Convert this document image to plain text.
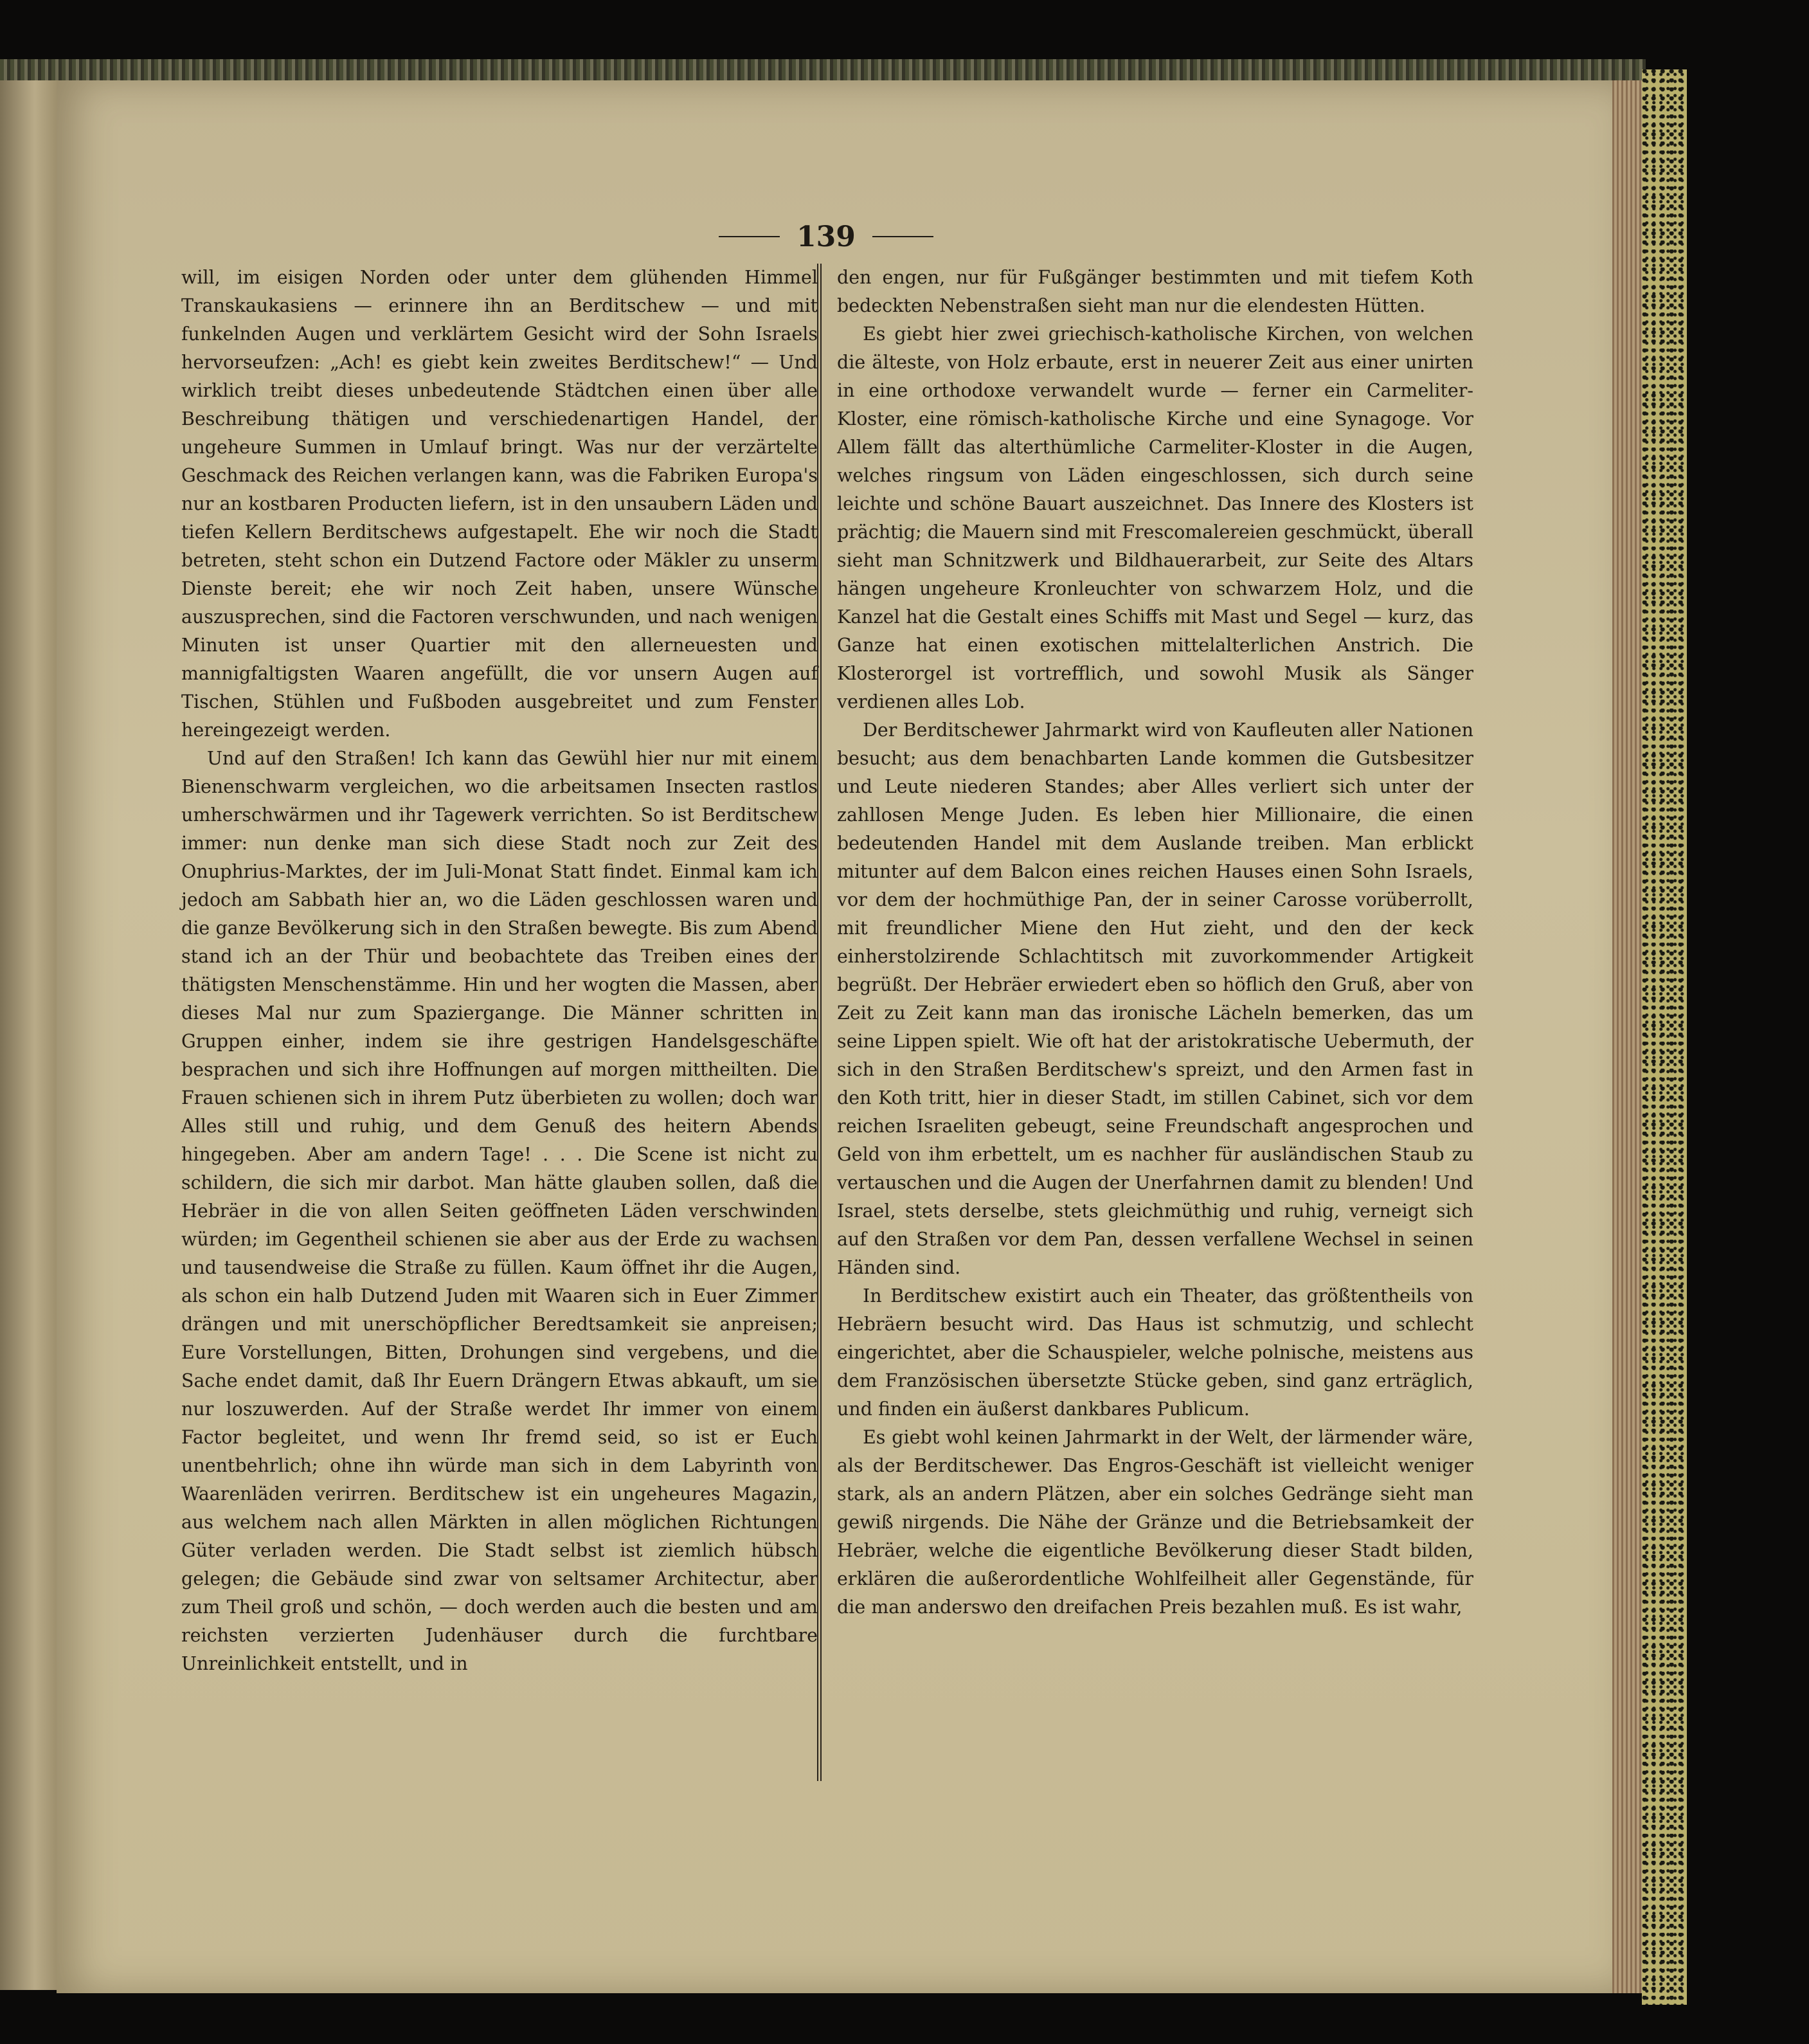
139

will, im eisigen Norden oder unter dem glühenden Himmel Transkaukasiens — erinnere ihn an Berditschew — und mit funkelnden Augen und verklärtem Gesicht wird der Sohn Israels hervorseufzen: „Ach! es giebt kein zweites Berditschew!“ — Und wirklich treibt dieses unbedeutende Städtchen einen über alle Beschreibung thätigen und verschiedenartigen Handel, der ungeheure Summen in Umlauf bringt. Was nur der verzärtelte Geschmack des Reichen verlangen kann, was die Fabriken Europa's nur an kostbaren Producten liefern, ist in den unsaubern Läden und tiefen Kellern Berditschews aufgestapelt. Ehe wir noch die Stadt betreten, steht schon ein Dutzend Factore oder Mäkler zu unserm Dienste bereit; ehe wir noch Zeit haben, unsere Wünsche auszusprechen, sind die Factoren verschwunden, und nach wenigen Minuten ist unser Quartier mit den allerneuesten und mannigfaltigsten Waaren angefüllt, die vor unsern Augen auf Tischen, Stühlen und Fußboden ausgebreitet und zum Fenster hereingezeigt werden.

Und auf den Straßen! Ich kann das Gewühl hier nur mit einem Bienenschwarm vergleichen, wo die arbeitsamen Insecten rastlos umherschwärmen und ihr Tagewerk verrichten. So ist Berditschew immer: nun denke man sich diese Stadt noch zur Zeit des Onuphrius-Marktes, der im Juli-Monat Statt findet. Einmal kam ich jedoch am Sabbath hier an, wo die Läden geschlossen waren und die ganze Bevölkerung sich in den Straßen bewegte. Bis zum Abend stand ich an der Thür und beobachtete das Treiben eines der thätigsten Menschenstämme. Hin und her wogten die Massen, aber dieses Mal nur zum Spaziergange. Die Männer schritten in Gruppen einher, indem sie ihre gestrigen Handelsgeschäfte besprachen und sich ihre Hoffnungen auf morgen mittheilten. Die Frauen schienen sich in ihrem Putz überbieten zu wollen; doch war Alles still und ruhig, und dem Genuß des heitern Abends hingegeben. Aber am andern Tage! . . . Die Scene ist nicht zu schildern, die sich mir darbot. Man hätte glauben sollen, daß die Hebräer in die von allen Seiten geöffneten Läden verschwinden würden; im Gegentheil schienen sie aber aus der Erde zu wachsen und tausendweise die Straße zu füllen. Kaum öffnet ihr die Augen, als schon ein halb Dutzend Juden mit Waaren sich in Euer Zimmer drängen und mit unerschöpflicher Beredtsamkeit sie anpreisen; Eure Vorstellungen, Bitten, Drohungen sind vergebens, und die Sache endet damit, daß Ihr Euern Drängern Etwas abkauft, um sie nur loszuwerden. Auf der Straße werdet Ihr immer von einem Factor begleitet, und wenn Ihr fremd seid, so ist er Euch unentbehrlich; ohne ihn würde man sich in dem Labyrinth von Waarenläden verirren. Berditschew ist ein ungeheures Magazin, aus welchem nach allen Märkten in allen möglichen Richtungen Güter verladen werden. Die Stadt selbst ist ziemlich hübsch gelegen; die Gebäude sind zwar von seltsamer Architectur, aber zum Theil groß und schön, — doch werden auch die besten und am reichsten verzierten Judenhäuser durch die furchtbare Unreinlichkeit entstellt, und in

den engen, nur für Fußgänger bestimmten und mit tiefem Koth bedeckten Nebenstraßen sieht man nur die elendesten Hütten.

Es giebt hier zwei griechisch-katholische Kirchen, von welchen die älteste, von Holz erbaute, erst in neuerer Zeit aus einer unirten in eine orthodoxe verwandelt wurde — ferner ein Carmeliter-Kloster, eine römisch-katholische Kirche und eine Synagoge. Vor Allem fällt das alterthümliche Carmeliter-Kloster in die Augen, welches ringsum von Läden eingeschlossen, sich durch seine leichte und schöne Bauart auszeichnet. Das Innere des Klosters ist prächtig; die Mauern sind mit Frescomalereien geschmückt, überall sieht man Schnitzwerk und Bildhauerarbeit, zur Seite des Altars hängen ungeheure Kronleuchter von schwarzem Holz, und die Kanzel hat die Gestalt eines Schiffs mit Mast und Segel — kurz, das Ganze hat einen exotischen mittelalterlichen Anstrich. Die Klosterorgel ist vortrefflich, und sowohl Musik als Sänger verdienen alles Lob.

Der Berditschewer Jahrmarkt wird von Kaufleuten aller Nationen besucht; aus dem benachbarten Lande kommen die Gutsbesitzer und Leute niederen Standes; aber Alles verliert sich unter der zahllosen Menge Juden. Es leben hier Millionaire, die einen bedeutenden Handel mit dem Auslande treiben. Man erblickt mitunter auf dem Balcon eines reichen Hauses einen Sohn Israels, vor dem der hochmüthige Pan, der in seiner Carosse vorüberrollt, mit freundlicher Miene den Hut zieht, und den der keck einherstolzirende Schlachtitsch mit zuvorkommender Artigkeit begrüßt. Der Hebräer erwiedert eben so höflich den Gruß, aber von Zeit zu Zeit kann man das ironische Lächeln bemerken, das um seine Lippen spielt. Wie oft hat der aristokratische Uebermuth, der sich in den Straßen Berditschew's spreizt, und den Armen fast in den Koth tritt, hier in dieser Stadt, im stillen Cabinet, sich vor dem reichen Israeliten gebeugt, seine Freundschaft angesprochen und Geld von ihm erbettelt, um es nachher für ausländischen Staub zu vertauschen und die Augen der Unerfahrnen damit zu blenden! Und Israel, stets derselbe, stets gleichmüthig und ruhig, verneigt sich auf den Straßen vor dem Pan, dessen verfallene Wechsel in seinen Händen sind.

In Berditschew existirt auch ein Theater, das größtentheils von Hebräern besucht wird. Das Haus ist schmutzig, und schlecht eingerichtet, aber die Schauspieler, welche polnische, meistens aus dem Französischen übersetzte Stücke geben, sind ganz erträglich, und finden ein äußerst dankbares Publicum.

Es giebt wohl keinen Jahrmarkt in der Welt, der lärmender wäre, als der Berditschewer. Das Engros-Geschäft ist vielleicht weniger stark, als an andern Plätzen, aber ein solches Gedränge sieht man gewiß nirgends. Die Nähe der Gränze und die Betriebsamkeit der Hebräer, welche die eigentliche Bevölkerung dieser Stadt bilden, erklären die außerordentliche Wohlfeilheit aller Gegenstände, für die man anderswo den dreifachen Preis bezahlen muß. Es ist wahr,
